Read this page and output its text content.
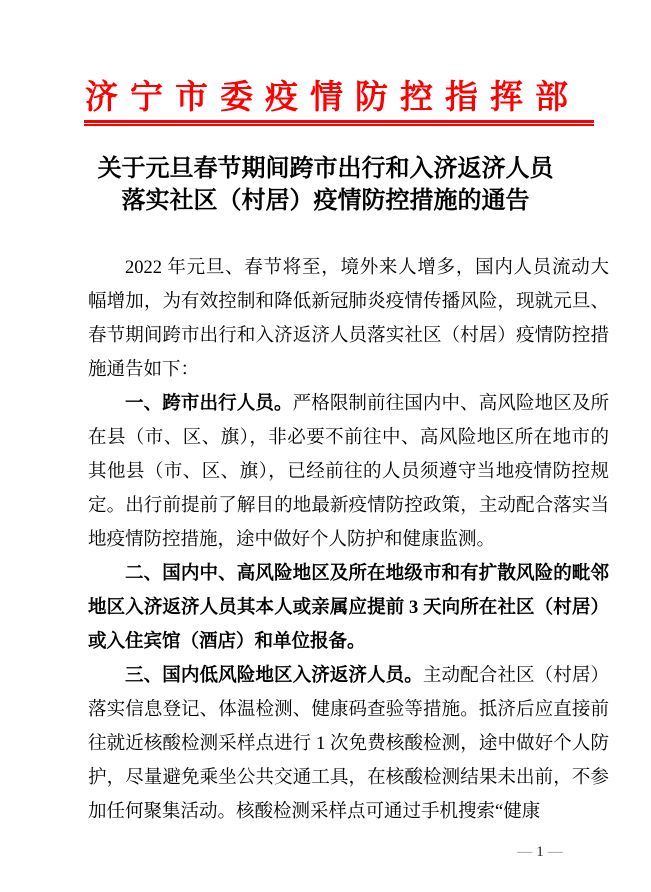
济宁市委疫情防控指挥部
关于元旦春节期间跨市出行和入济返济人员
落实社区（村居）疫情防控措施的通告

2022 年元旦、春节将至，境外来人增多，国内人员流动大幅增加，为有效控制和降低新冠肺炎疫情传播风险，现就元旦、春节期间跨市出行和入济返济人员落实社区（村居）疫情防控措施通告如下：

一、跨市出行人员。严格限制前往国内中、高风险地区及所在县（市、区、旗），非必要不前往中、高风险地区所在地市的其他县（市、区、旗），已经前往的人员须遵守当地疫情防控规定。出行前提前了解目的地最新疫情防控政策，主动配合落实当地疫情防控措施，途中做好个人防护和健康监测。

二、国内中、高风险地区及所在地级市和有扩散风险的毗邻地区入济返济人员其本人或亲属应提前 3 天向所在社区（村居）或入住宾馆（酒店）和单位报备。

三、国内低风险地区入济返济人员。主动配合社区（村居）落实信息登记、体温检测、健康码查验等措施。抵济后应直接前往就近核酸检测采样点进行 1 次免费核酸检测，途中做好个人防护，尽量避免乘坐公共交通工具，在核酸检测结果未出前，不参加任何聚集活动。核酸检测采样点可通过手机搜索“健康

— 1 —
